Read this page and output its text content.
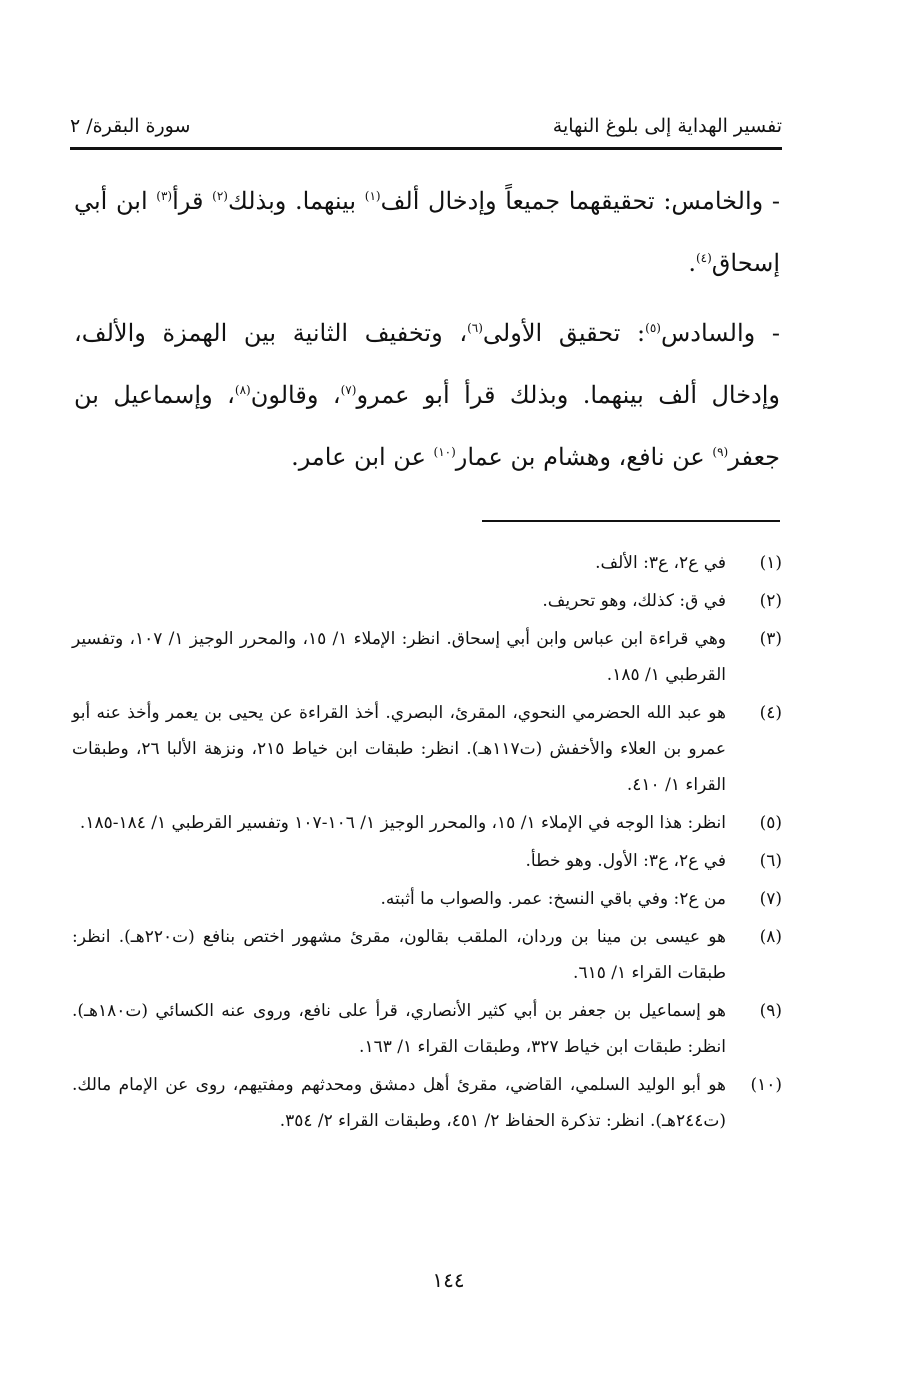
تفسير الهداية إلى بلوغ النهاية
سورة البقرة/ ٢

- والخامس: تحقيقهما جميعاً وإدخال ألف$^{(١)}$ بينهما. وبذلك$^{(٢)}$ قرأ$^{(٣)}$ ابن أبي إسحاق$^{(٤)}$.

- والسادس$^{(٥)}$: تحقيق الأولى$^{(٦)}$، وتخفيف الثانية بين الهمزة والألف، وإدخال ألف بينهما. وبذلك قرأ أبو عمرو$^{(٧)}$، وقالون$^{(٨)}$، وإسماعيل بن جعفر$^{(٩)}$ عن نافع، وهشام بن عمار$^{(١٠)}$ عن ابن عامر.

(١)
في ع٢، ع٣: الألف.
(٢)
في ق: كذلك، وهو تحريف.
(٣)
وهي قراءة ابن عباس وابن أبي إسحاق. انظر: الإملاء ١/ ١٥، والمحرر الوجيز ١/ ١٠٧، وتفسير القرطبي ١/ ١٨٥.
(٤)
هو عبد الله الحضرمي النحوي، المقرئ، البصري. أخذ القراءة عن يحيى بن يعمر وأخذ عنه أبو عمرو بن العلاء والأخفش (ت١١٧هـ). انظر: طبقات ابن خياط ٢١٥، ونزهة الألبا ٢٦، وطبقات القراء ١/ ٤١٠.
(٥)
انظر: هذا الوجه في الإملاء ١/ ١٥، والمحرر الوجيز ١/ ١٠٦-١٠٧ وتفسير القرطبي ١/ ١٨٤-١٨٥.
(٦)
في ع٢، ع٣: الأول. وهو خطأ.
(٧)
من ع٢: وفي باقي النسخ: عمر. والصواب ما أثبته.
(٨)
هو عيسى بن مينا بن وردان، الملقب بقالون، مقرئ مشهور اختص بنافع (ت٢٢٠هـ). انظر: طبقات القراء ١/ ٦١٥.
(٩)
هو إسماعيل بن جعفر بن أبي كثير الأنصاري، قرأ على نافع، وروى عنه الكسائي (ت١٨٠هـ). انظر: طبقات ابن خياط ٣٢٧، وطبقات القراء ١/ ١٦٣.
(١٠)
هو أبو الوليد السلمي، القاضي، مقرئ أهل دمشق ومحدثهم ومفتيهم، روى عن الإمام مالك. (ت٢٤٤هـ). انظر: تذكرة الحفاظ ٢/ ٤٥١، وطبقات القراء ٢/ ٣٥٤.
١٤٤
